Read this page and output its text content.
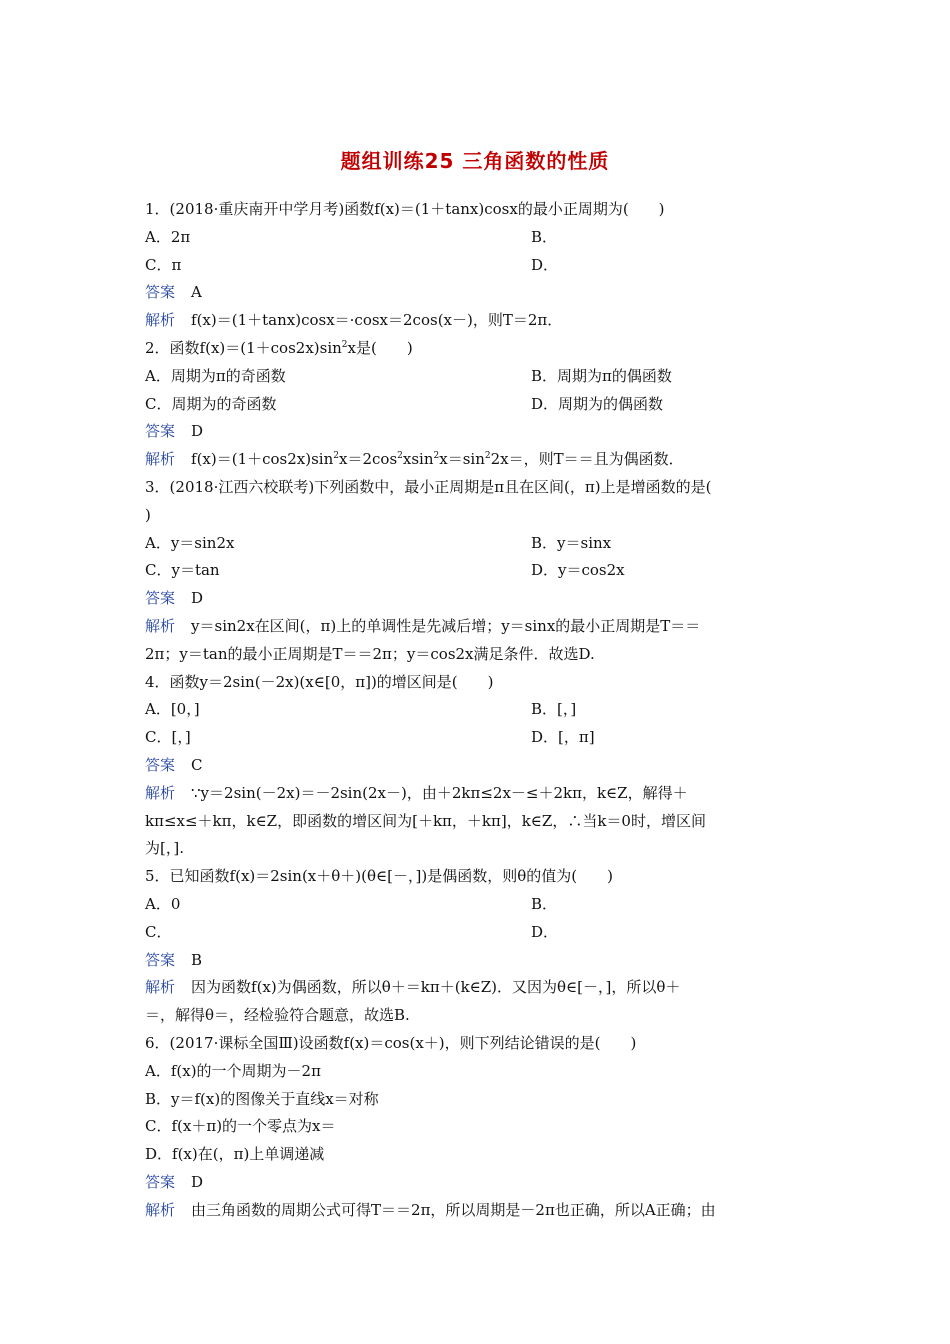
题组训练25 三角函数的性质
1．(2018·重庆南开中学月考)函数f(x)＝(1＋tanx)cosx的最小正周期为(　　)
A．2π	B．
C．π	D．
答案 A
解析 f(x)＝(1＋tanx)cosx＝·cosx＝2cos(x－)，则T＝2π．
2．函数$f(x)=(1+\cos 2x)\sin^2x$是(　　)
A．周期为π的奇函数	B．周期为π的偶函数
C．周期为的奇函数	D．周期为的偶函数
答案 D
解析 $f(x)=(1+\cos 2x)\sin^2x=2\cos^2xsin^2x=\sin^22x=$，则T＝＝且为偶函数．
3．(2018·江西六校联考)下列函数中，最小正周期是π且在区间(，π)上是增函数的是(
)
A．y＝sin2x	B．y＝sinx
C．y＝tan	D．y＝cos2x
答案 D
解析 y＝sin2x在区间(，π)上的单调性是先减后增；y＝sinx的最小正周期是T＝＝
2π；y＝tan的最小正周期是T＝＝2π；y＝cos2x满足条件．故选D.
4．函数y＝2sin(－2x)(x∈[0，π])的增区间是(　　)
A．[0，]	B．[，]
C．[，]	D．[，π]
答案 C
解析 ∵y＝2sin(－2x)＝－2sin(2x－)，由＋2kπ≤2x－≤＋2kπ，k∈Z，解得＋
kπ≤x≤＋kπ，k∈Z，即函数的增区间为[＋kπ，＋kπ]，k∈Z，∴当k＝0时，增区间
为[，].
5．已知函数f(x)＝2sin(x＋θ＋)(θ∈[－，])是偶函数，则θ的值为(　　)
A．0	B．
C．	D．
答案 B
解析 因为函数f(x)为偶函数，所以θ＋＝kπ＋(k∈Z)．又因为θ∈[－，]，所以θ＋
＝，解得θ＝，经检验符合题意，故选B.
6．(2017·课标全国Ⅲ)设函数f(x)＝cos(x＋)，则下列结论错误的是(　　)
A．f(x)的一个周期为－2π
B．y＝f(x)的图像关于直线x＝对称
C．f(x＋π)的一个零点为x＝
D．f(x)在(，π)上单调递减
答案 D
解析 由三角函数的周期公式可得T＝＝2π，所以周期是－2π也正确，所以A正确；由
